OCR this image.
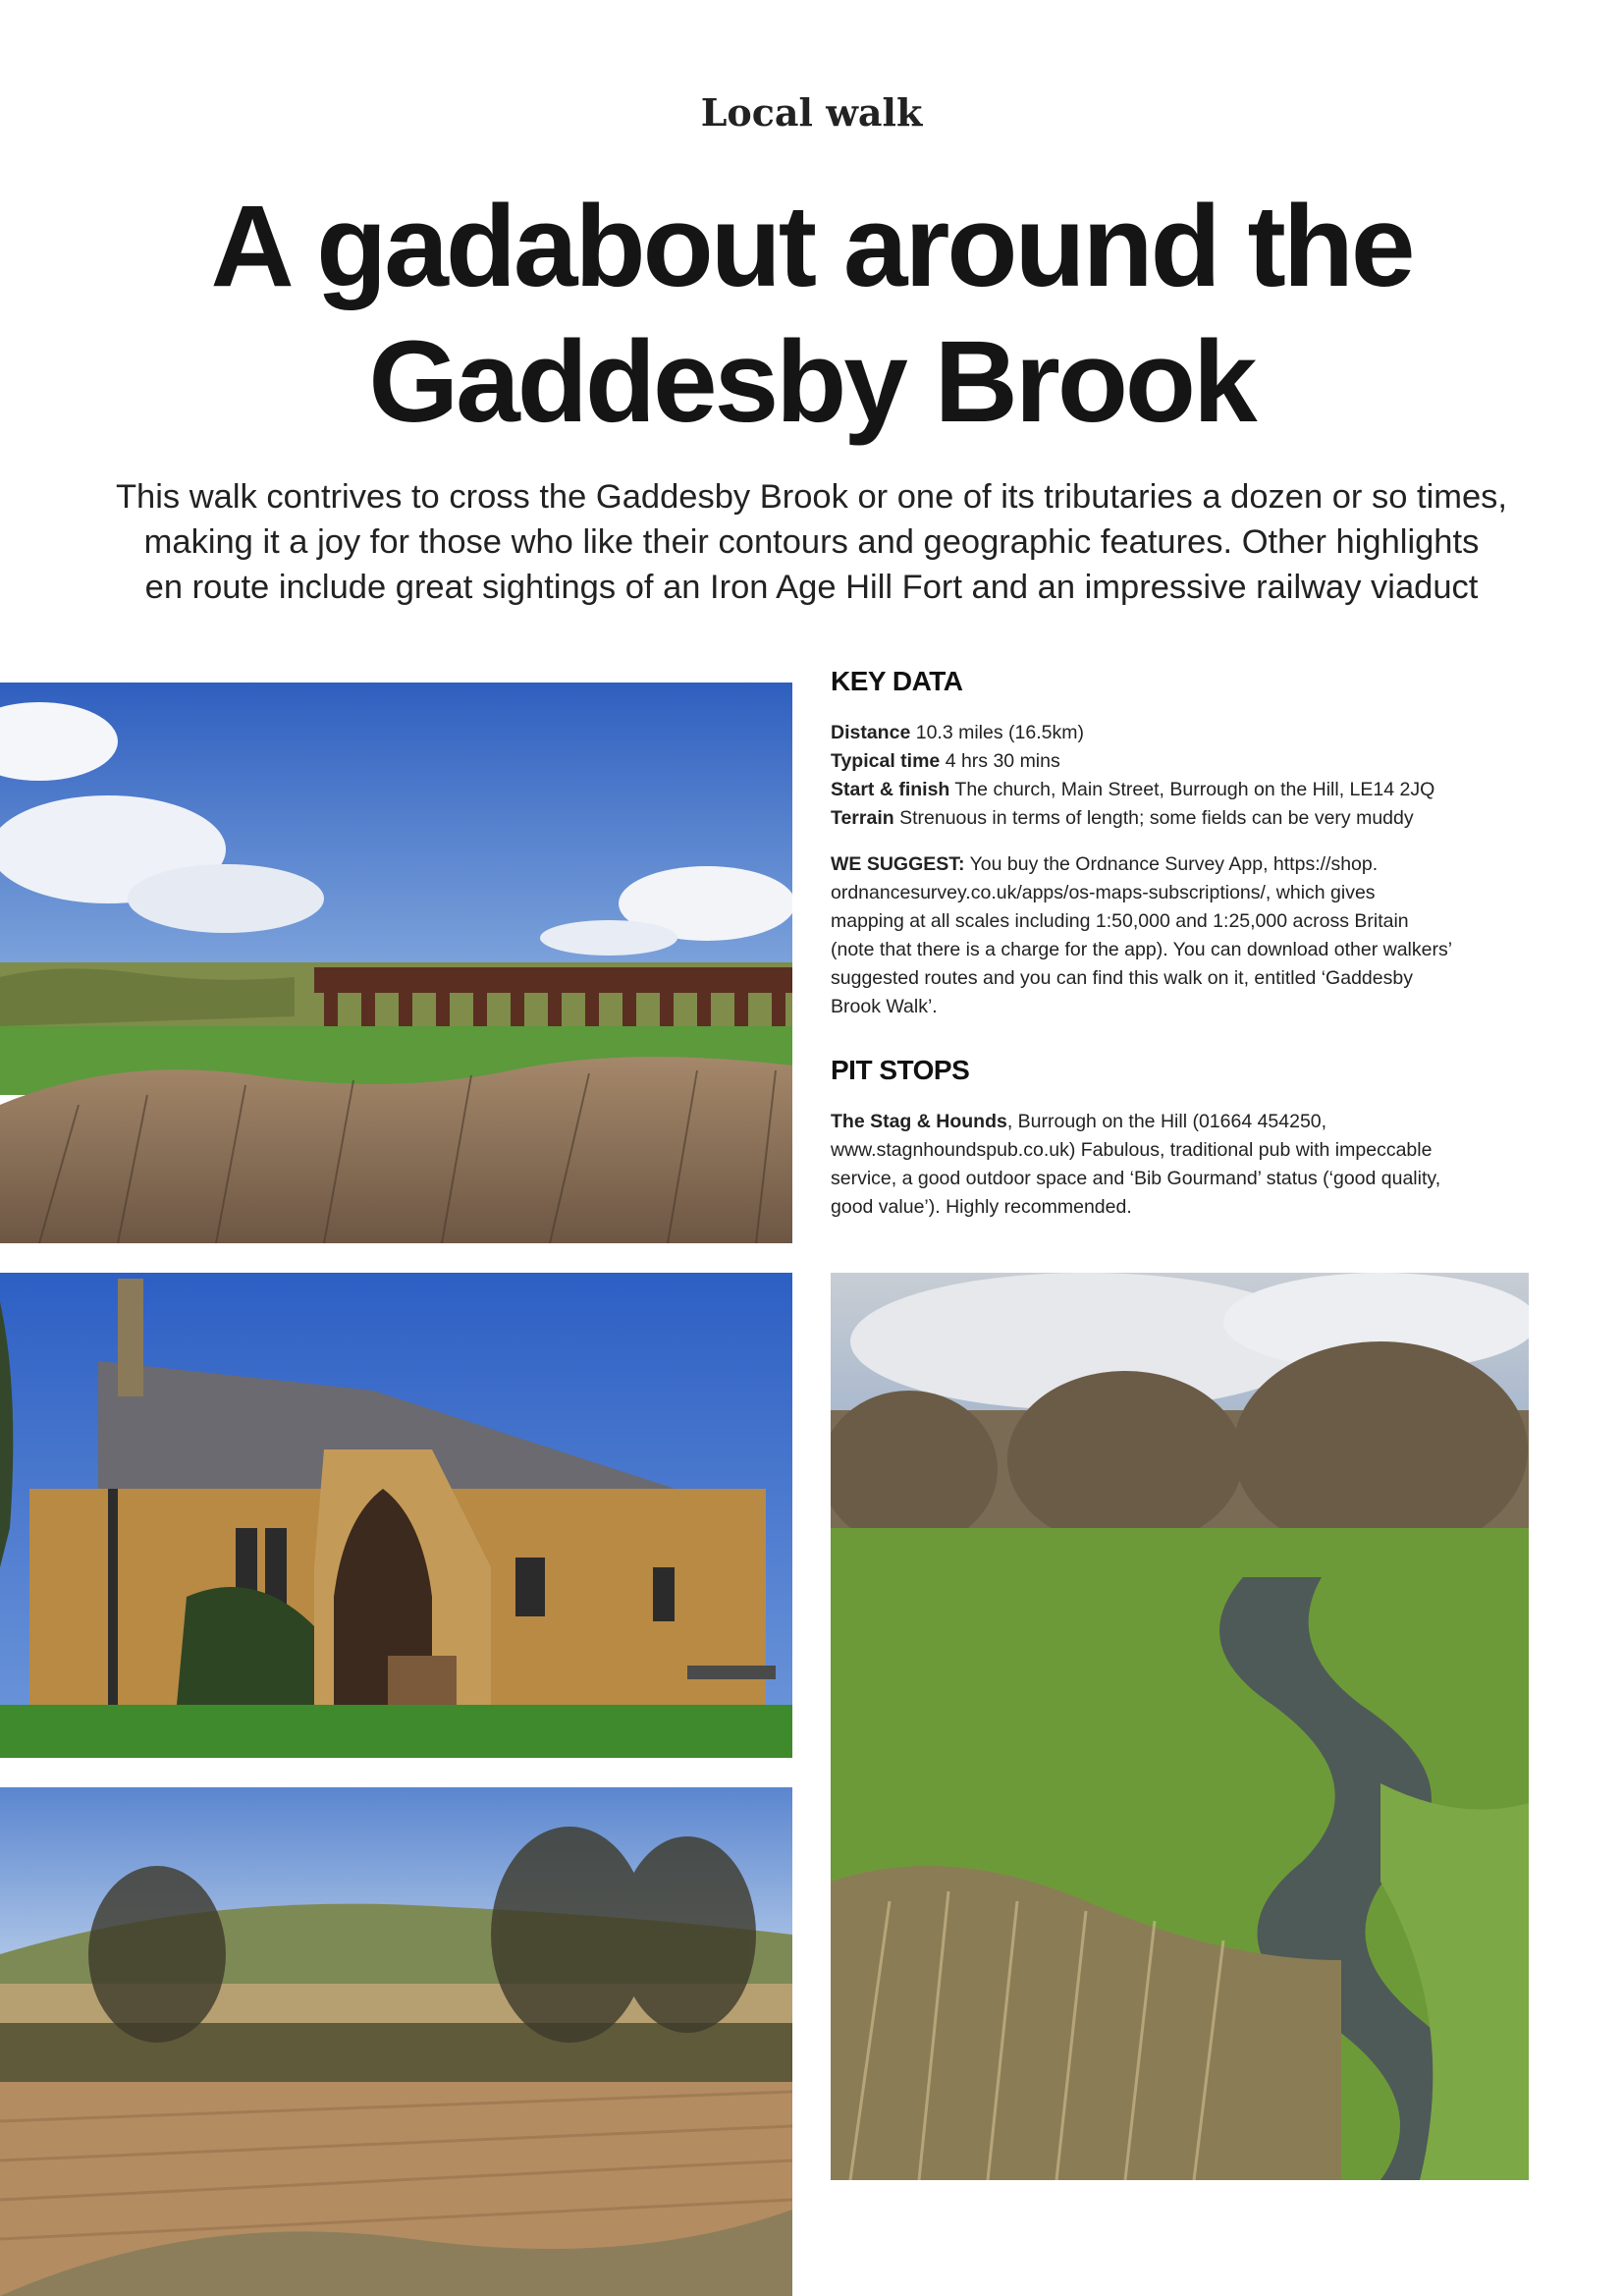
Local walk
A gadabout around the
Gaddesby Brook
This walk contrives to cross the Gaddesby Brook or one of its tributaries a dozen or so times,
making it a joy for those who like their contours and geographic features. Other highlights
en route include great sightings of an Iron Age Hill Fort and an impressive railway viaduct
KEY DATA
Distance 10.3 miles (16.5km)
Typical time 4 hrs 30 mins
Start & finish The church, Main Street, Burrough on the Hill, LE14 2JQ
Terrain Strenuous in terms of length; some fields can be very muddy
WE SUGGEST: You buy the Ordnance Survey App, https://shop.
ordnancesurvey.co.uk/apps/os-maps-subscriptions/, which gives
mapping at all scales including 1:50,000 and 1:25,000 across Britain
(note that there is a charge for the app). You can download other walkers’
suggested routes and you can find this walk on it, entitled ‘Gaddesby
Brook Walk’.
PIT STOPS
The Stag & Hounds, Burrough on the Hill (01664 454250,
www.stagnhoundspub.co.uk) Fabulous, traditional pub with impeccable
service, a good outdoor space and ‘Bib Gourmand’ status (‘good quality,
good value’). Highly recommended.
